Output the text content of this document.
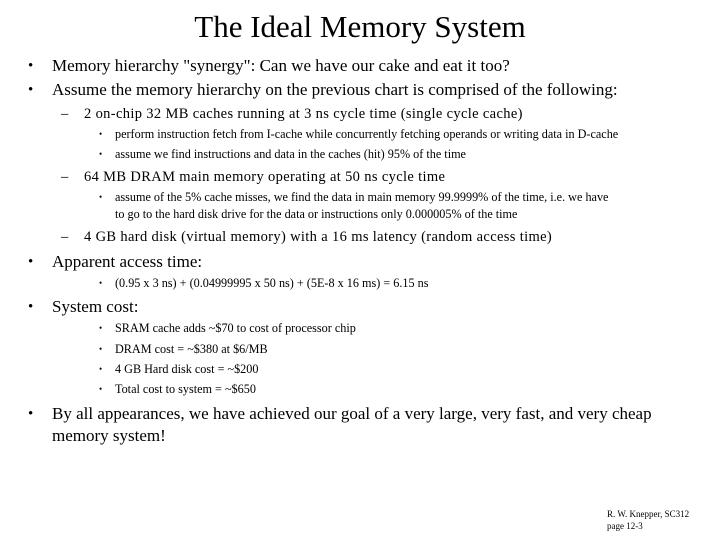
The Ideal Memory System
• Memory hierarchy "synergy": Can we have our cake and eat it too?
• Assume the memory hierarchy on the previous chart is comprised of the following:
– 2 on-chip 32 MB caches running at 3 ns cycle time (single cycle cache)
• perform instruction fetch from I-cache while concurrently fetching operands or writing data in D-cache
• assume we find instructions and data in the caches (hit) 95% of the time
– 64 MB DRAM main memory operating at 50 ns cycle time
• assume of the 5% cache misses, we find the data in main memory 99.9999% of the time, i.e. we have
to go to the hard disk drive for the data or instructions only 0.000005% of the time
– 4 GB hard disk (virtual memory) with a 16 ms latency (random access time)
• Apparent access time:
• (0.95 x 3 ns) + (0.04999995 x 50 ns) + (5E-8 x 16 ms) = 6.15 ns
• System cost:
• SRAM cache adds ~$70 to cost of processor chip
• DRAM cost = ~$380 at $6/MB
• 4 GB Hard disk cost = ~$200
• Total cost to system = ~$650
• By all appearances, we have achieved our goal of a very large, very fast, and very cheap
memory system!
R. W. Knepper, SC312
page 12-3
